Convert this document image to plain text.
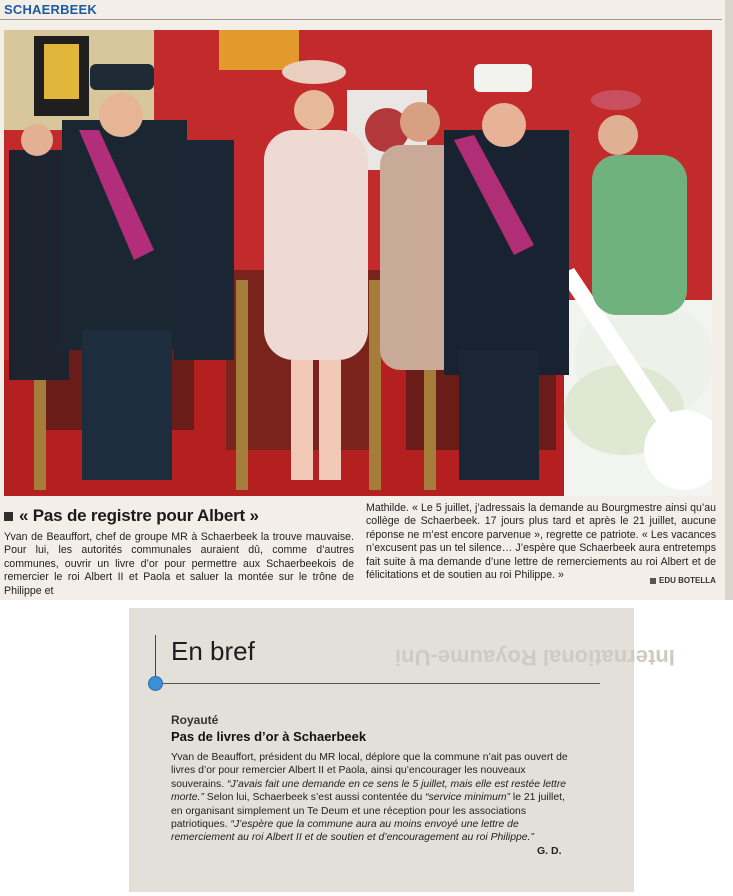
SCHAERBEEK
« Pas de registre pour Albert »

Yvan de Beauffort, chef de groupe MR à Schaerbeek la trouve mauvaise. Pour lui, les autorités communales auraient dû, comme d’autres communes, ouvrir un livre d’or pour permettre aux Schaerbeekois de remercier le roi Albert II et Paola et saluer la montée sur le trône de Philippe et

Mathilde. « Le 5 juillet, j’adressais la demande au Bourgmestre ainsi qu’au collège de Schaerbeek. 17 jours plus tard et après le 21 juillet, aucune réponse ne m’est encore parvenue », regrette ce patriote. « Les vacances n’excusent pas un tel silence… J’espère que Schaerbeek aura entretemps fait suite à ma demande d’une lettre de remerciements au roi Albert et de félicitations et de soutien au roi Philippe. »	EDU BOTELLA
International Royaume-Uni
En bref
Royauté
Pas de livres d’or à Schaerbeek

Yvan de Beauffort, président du MR local, déplore que la commune n’ait pas ouvert de livres d’or pour remercier Albert II et Paola, ainsi qu’encourager les nouveaux souverains. “J’avais fait une demande en ce sens le 5 juillet, mais elle est restée lettre morte.” Selon lui, Schaerbeek s’est aussi contentée du “service minimum” le 21 juillet, en organisant simplement un Te Deum et une réception pour les associations patriotiques. “J’espère que la commune aura au moins envoyé une lettre de remerciement au roi Albert II et de soutien et d’encouragement au roi Philippe.”

G. D.
